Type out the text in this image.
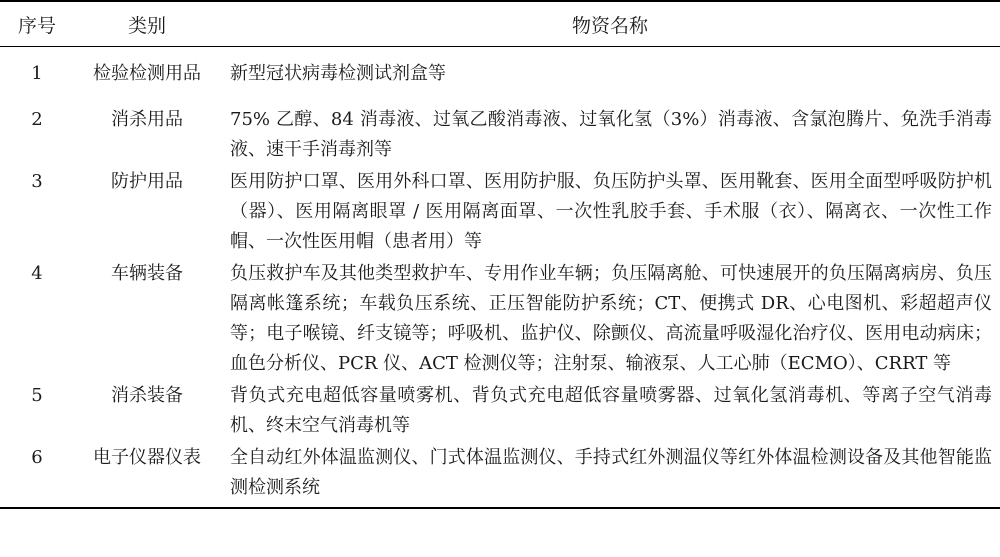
序号	类别	物资名称
1	检验检测用品	新型冠状病毒检测试剂盒等
2	消杀用品	75% 乙醇、84 消毒液、过氧乙酸消毒液、过氧化氢（3%）消毒液、含氯泡腾片、免洗手消毒液、速干手消毒剂等
3	防护用品	医用防护口罩、医用外科口罩、医用防护服、负压防护头罩、医用靴套、医用全面型呼吸防护机（器）、医用隔离眼罩 / 医用隔离面罩、一次性乳胶手套、手术服（衣）、隔离衣、一次性工作帽、一次性医用帽（患者用）等
4	车辆装备	负压救护车及其他类型救护车、专用作业车辆；负压隔离舱、可快速展开的负压隔离病房、负压隔离帐篷系统；车载负压系统、正压智能防护系统；CT、便携式 DR、心电图机、彩超超声仪等；电子喉镜、纤支镜等；呼吸机、监护仪、除颤仪、高流量呼吸湿化治疗仪、医用电动病床；血色分析仪、PCR 仪、ACT 检测仪等；注射泵、输液泵、人工心肺（ECMO）、CRRT 等
5	消杀装备	背负式充电超低容量喷雾机、背负式充电超低容量喷雾器、过氧化氢消毒机、等离子空气消毒机、终末空气消毒机等
6	电子仪器仪表	全自动红外体温监测仪、门式体温监测仪、手持式红外测温仪等红外体温检测设备及其他智能监测检测系统
